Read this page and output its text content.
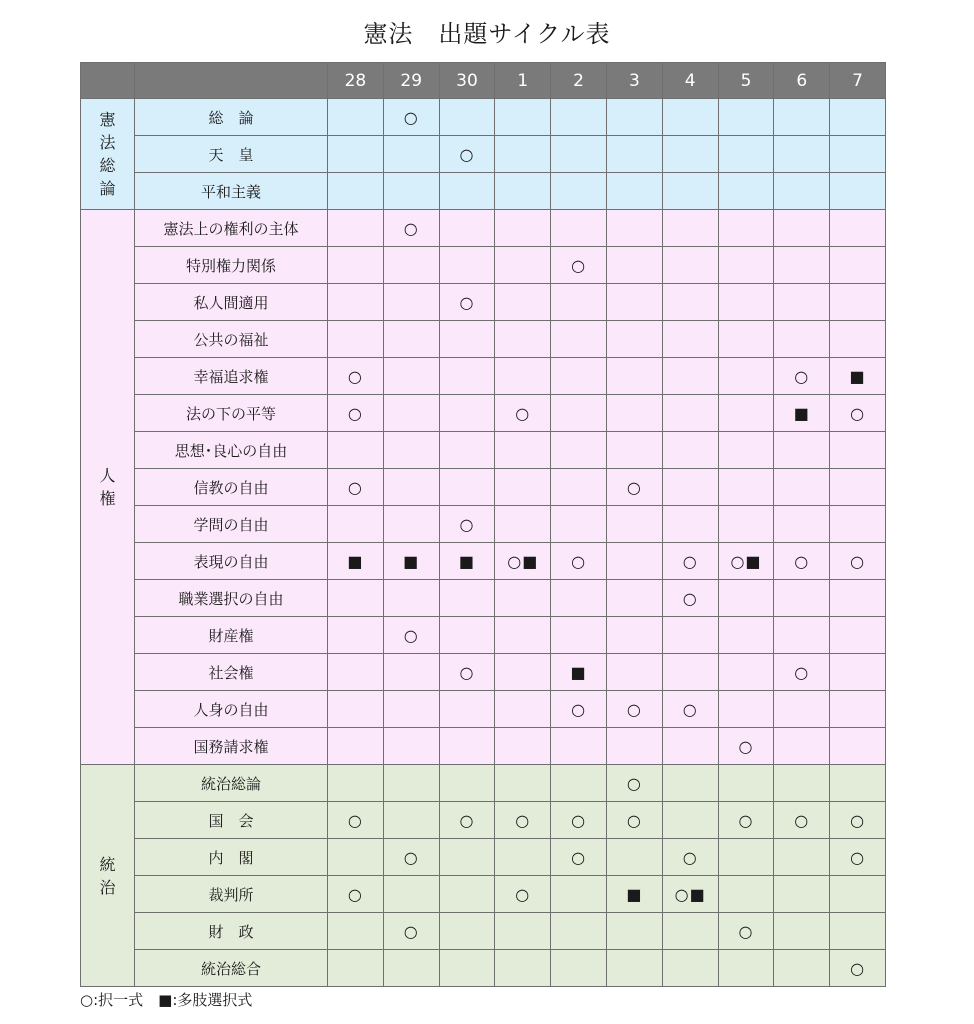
憲法　出題サイクル表
		28	29	30	1	2	3	4	5	6	7

憲
法
総
論	総　論		○								
	天　皇			○							
	平和主義										

人
権	憲法上の権利の主体		○								
	特別権力関係					○					
	私人間適用			○							
	公共の福祉										
	幸福追求権	○								○	■
	法の下の平等	○			○					■	○
	思想･良心の自由										
	信教の自由	○					○				
	学問の自由			○							
	表現の自由	■	■	■	○■	○		○	○■	○	○
	職業選択の自由							○			
	財産権		○								
	社会権			○		■				○	
	人身の自由					○	○	○			
	国務請求権								○		

統
治	統治総論						○				
	国　会	○		○	○	○	○		○	○	○
	内　閣		○			○		○			○
	裁判所	○			○		■	○■			
	財　政		○						○		
	統治総合										○
○:択一式　■:多肢選択式
